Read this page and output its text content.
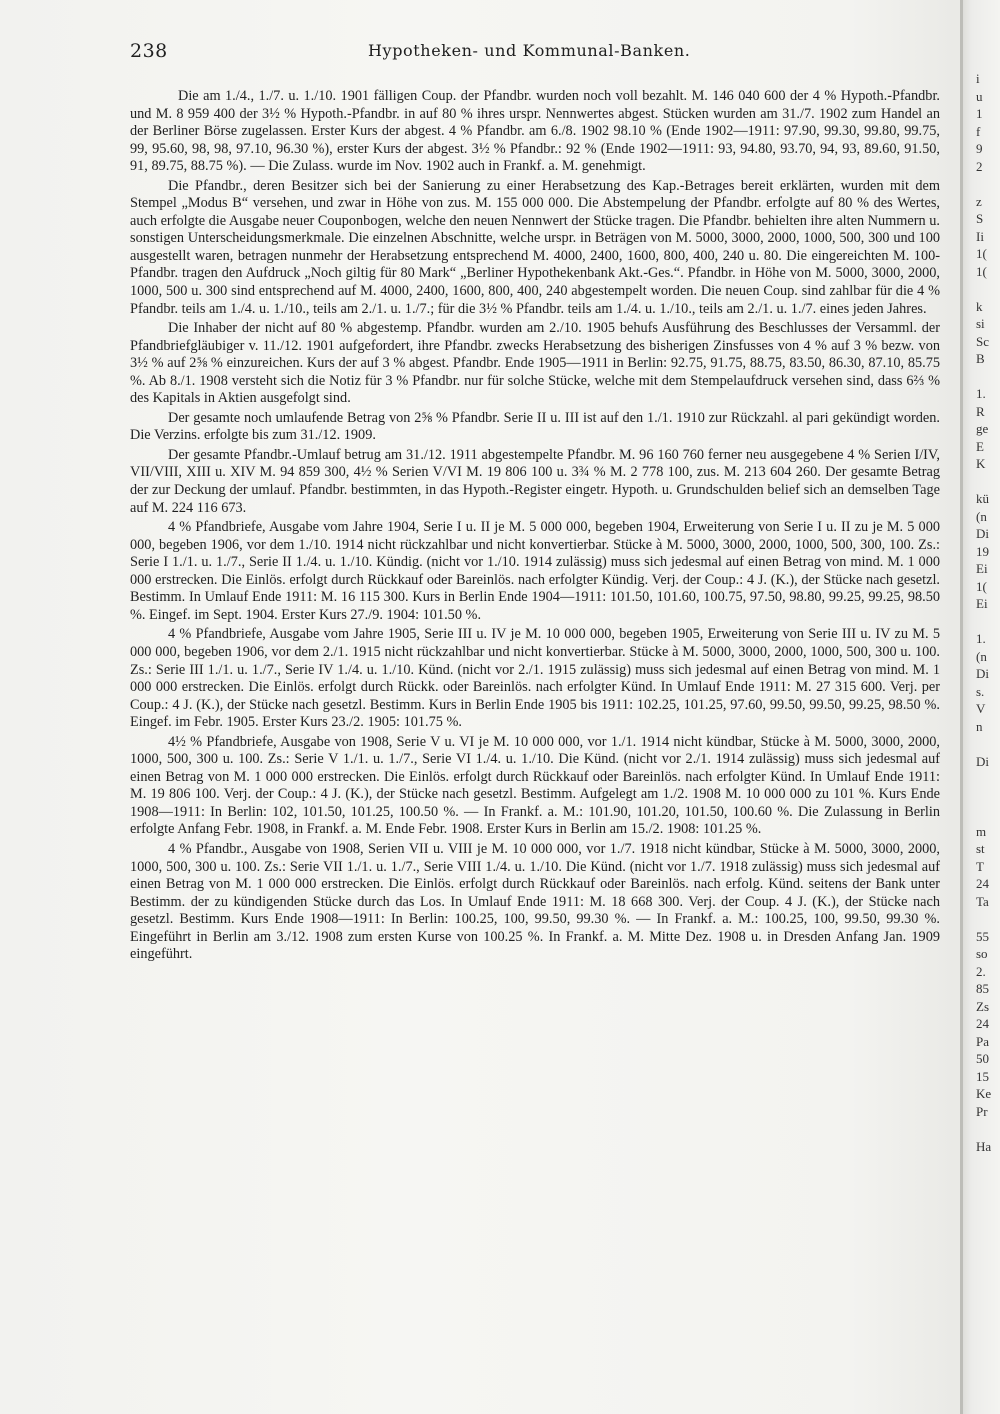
238	Hypotheken- und Kommunal-Banken.

Die am 1./4., 1./7. u. 1./10. 1901 fälligen Coup. der Pfandbr. wurden noch voll bezahlt. M. 146 040 600 der 4 % Hypoth.-Pfandbr. und M. 8 959 400 der 3½ % Hypoth.-Pfandbr. in auf 80 % ihres urspr. Nennwertes abgest. Stücken wurden am 31./7. 1902 zum Handel an der Berliner Börse zugelassen. Erster Kurs der abgest. 4 % Pfandbr. am 6./8. 1902 98.10 % (Ende 1902—1911: 97.90, 99.30, 99.80, 99.75, 99, 95.60, 98, 98, 97.10, 96.30 %), erster Kurs der abgest. 3½ % Pfandbr.: 92 % (Ende 1902—1911: 93, 94.80, 93.70, 94, 93, 89.60, 91.50, 91, 89.75, 88.75 %). — Die Zulass. wurde im Nov. 1902 auch in Frankf. a. M. genehmigt.

Die Pfandbr., deren Besitzer sich bei der Sanierung zu einer Herabsetzung des Kap.-Betrages bereit erklärten, wurden mit dem Stempel „Modus B“ versehen, und zwar in Höhe von zus. M. 155 000 000. Die Abstempelung der Pfandbr. erfolgte auf 80 % des Wertes, auch erfolgte die Ausgabe neuer Couponbogen, welche den neuen Nennwert der Stücke tragen. Die Pfandbr. behielten ihre alten Nummern u. sonstigen Unterscheidungsmerkmale. Die einzelnen Abschnitte, welche urspr. in Beträgen von M. 5000, 3000, 2000, 1000, 500, 300 und 100 ausgestellt waren, betragen nunmehr der Herabsetzung entsprechend M. 4000, 2400, 1600, 800, 400, 240 u. 80. Die eingereichten M. 100-Pfandbr. tragen den Aufdruck „Noch giltig für 80 Mark“ „Berliner Hypothekenbank Akt.-Ges.“. Pfandbr. in Höhe von M. 5000, 3000, 2000, 1000, 500 u. 300 sind entsprechend auf M. 4000, 2400, 1600, 800, 400, 240 abgestempelt worden. Die neuen Coup. sind zahlbar für die 4 % Pfandbr. teils am 1./4. u. 1./10., teils am 2./1. u. 1./7.; für die 3½ % Pfandbr. teils am 1./4. u. 1./10., teils am 2./1. u. 1./7. eines jeden Jahres.

Die Inhaber der nicht auf 80 % abgestemp. Pfandbr. wurden am 2./10. 1905 behufs Ausführung des Beschlusses der Versamml. der Pfandbriefgläubiger v. 11./12. 1901 aufgefordert, ihre Pfandbr. zwecks Herabsetzung des bisherigen Zinsfusses von 4 % auf 3 % bezw. von 3½ % auf 2⅝ % einzureichen. Kurs der auf 3 % abgest. Pfandbr. Ende 1905—1911 in Berlin: 92.75, 91.75, 88.75, 83.50, 86.30, 87.10, 85.75 %. Ab 8./1. 1908 versteht sich die Notiz für 3 % Pfandbr. nur für solche Stücke, welche mit dem Stempelaufdruck versehen sind, dass 6⅔ % des Kapitals in Aktien ausgefolgt sind.

Der gesamte noch umlaufende Betrag von 2⅝ % Pfandbr. Serie II u. III ist auf den 1./1. 1910 zur Rückzahl. al pari gekündigt worden. Die Verzins. erfolgte bis zum 31./12. 1909.

Der gesamte Pfandbr.-Umlauf betrug am 31./12. 1911 abgestempelte Pfandbr. M. 96 160 760 ferner neu ausgegebene 4 % Serien I/IV, VII/VIII, XIII u. XIV M. 94 859 300, 4½ % Serien V/VI M. 19 806 100 u. 3¾ % M. 2 778 100, zus. M. 213 604 260. Der gesamte Betrag der zur Deckung der umlauf. Pfandbr. bestimmten, in das Hypoth.-Register eingetr. Hypoth. u. Grundschulden belief sich an demselben Tage auf M. 224 116 673.

4 % Pfandbriefe, Ausgabe vom Jahre 1904, Serie I u. II je M. 5 000 000, begeben 1904, Erweiterung von Serie I u. II zu je M. 5 000 000, begeben 1906, vor dem 1./10. 1914 nicht rückzahlbar und nicht konvertierbar. Stücke à M. 5000, 3000, 2000, 1000, 500, 300, 100. Zs.: Serie I 1./1. u. 1./7., Serie II 1./4. u. 1./10. Kündig. (nicht vor 1./10. 1914 zulässig) muss sich jedesmal auf einen Betrag von mind. M. 1 000 000 erstrecken. Die Einlös. erfolgt durch Rückkauf oder Bareinlös. nach erfolgter Kündig. Verj. der Coup.: 4 J. (K.), der Stücke nach gesetzl. Bestimm. In Umlauf Ende 1911: M. 16 115 300. Kurs in Berlin Ende 1904—1911: 101.50, 101.60, 100.75, 97.50, 98.80, 99.25, 99.25, 98.50 %. Eingef. im Sept. 1904. Erster Kurs 27./9. 1904: 101.50 %.

4 % Pfandbriefe, Ausgabe vom Jahre 1905, Serie III u. IV je M. 10 000 000, begeben 1905, Erweiterung von Serie III u. IV zu M. 5 000 000, begeben 1906, vor dem 2./1. 1915 nicht rückzahlbar und nicht konvertierbar. Stücke à M. 5000, 3000, 2000, 1000, 500, 300 u. 100. Zs.: Serie III 1./1. u. 1./7., Serie IV 1./4. u. 1./10. Künd. (nicht vor 2./1. 1915 zulässig) muss sich jedesmal auf einen Betrag von mind. M. 1 000 000 erstrecken. Die Einlös. erfolgt durch Rückk. oder Bareinlös. nach erfolgter Künd. In Umlauf Ende 1911: M. 27 315 600. Verj. per Coup.: 4 J. (K.), der Stücke nach gesetzl. Bestimm. Kurs in Berlin Ende 1905 bis 1911: 102.25, 101.25, 97.60, 99.50, 99.50, 99.25, 98.50 %. Eingef. im Febr. 1905. Erster Kurs 23./2. 1905: 101.75 %.

4½ % Pfandbriefe, Ausgabe von 1908, Serie V u. VI je M. 10 000 000, vor 1./1. 1914 nicht kündbar, Stücke à M. 5000, 3000, 2000, 1000, 500, 300 u. 100. Zs.: Serie V 1./1. u. 1./7., Serie VI 1./4. u. 1./10. Die Künd. (nicht vor 2./1. 1914 zulässig) muss sich jedesmal auf einen Betrag von M. 1 000 000 erstrecken. Die Einlös. erfolgt durch Rückkauf oder Bareinlös. nach erfolgter Künd. In Umlauf Ende 1911: M. 19 806 100. Verj. der Coup.: 4 J. (K.), der Stücke nach gesetzl. Bestimm. Aufgelegt am 1./2. 1908 M. 10 000 000 zu 101 %. Kurs Ende 1908—1911: In Berlin: 102, 101.50, 101.25, 100.50 %. — In Frankf. a. M.: 101.90, 101.20, 101.50, 100.60 %. Die Zulassung in Berlin erfolgte Anfang Febr. 1908, in Frankf. a. M. Ende Febr. 1908. Erster Kurs in Berlin am 15./2. 1908: 101.25 %.

4 % Pfandbr., Ausgabe von 1908, Serien VII u. VIII je M. 10 000 000, vor 1./7. 1918 nicht kündbar, Stücke à M. 5000, 3000, 2000, 1000, 500, 300 u. 100. Zs.: Serie VII 1./1. u. 1./7., Serie VIII 1./4. u. 1./10. Die Künd. (nicht vor 1./7. 1918 zulässig) muss sich jedesmal auf einen Betrag von M. 1 000 000 erstrecken. Die Einlös. erfolgt durch Rückkauf oder Bareinlös. nach erfolg. Künd. seitens der Bank unter Bestimm. der zu kündigenden Stücke durch das Los. In Umlauf Ende 1911: M. 18 668 300. Verj. der Coup. 4 J. (K.), der Stücke nach gesetzl. Bestimm. Kurs Ende 1908—1911: In Berlin: 100.25, 100, 99.50, 99.30 %. — In Frankf. a. M.: 100.25, 100, 99.50, 99.30 %. Eingeführt in Berlin am 3./12. 1908 zum ersten Kurse von 100.25 %. In Frankf. a. M. Mitte Dez. 1908 u. in Dresden Anfang Jan. 1909 eingeführt.

i
u
1
f
9
2
z
S
Ii
1(
1(
k
si
Sc
B
1.
R
ge
E
K
kü
(n
Di
19
Ei
1(
Ei
1.
(n
Di
s.
V
n
Di
m
st
T
24
Ta
55
so
2.
85
Zs
24
Pa
50
15
Ke
Pr
Ha
